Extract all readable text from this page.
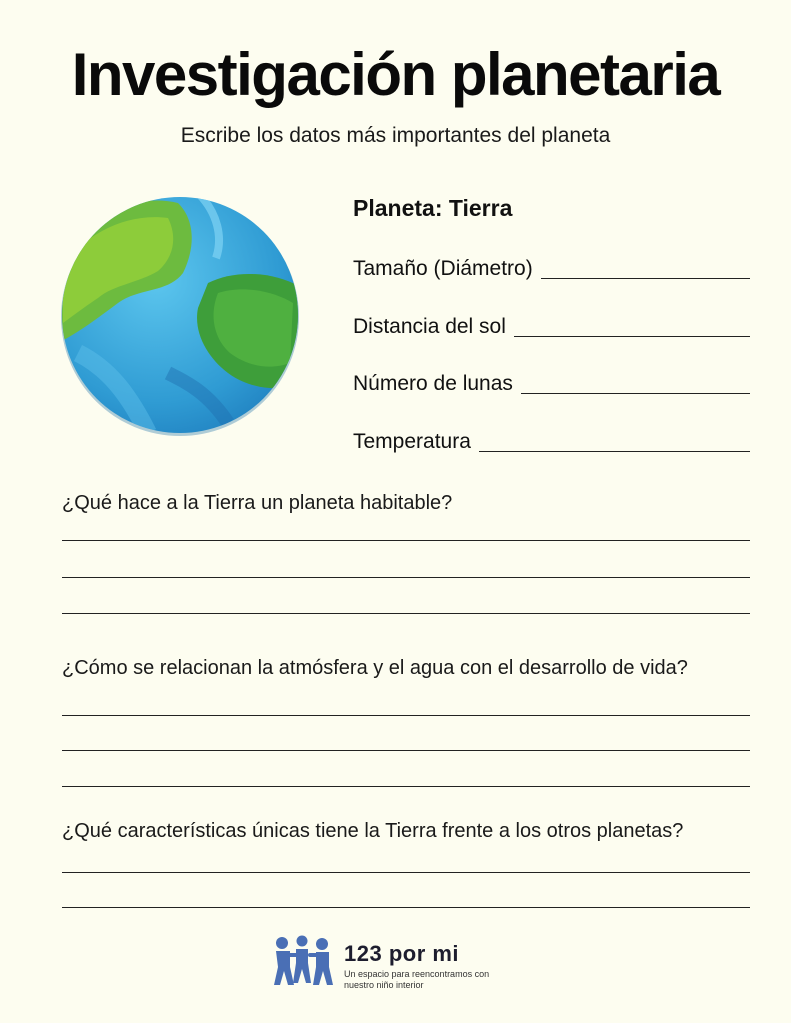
Investigación planetaria
Escribe los datos más importantes del planeta
Planeta: Tierra
Tamaño (Diámetro)
Distancia del sol
Número de lunas
Temperatura
¿Qué hace a la Tierra un planeta habitable?
¿Cómo se relacionan la atmósfera y el agua con el desarrollo de vida?
¿Qué características únicas tiene la Tierra frente a los otros planetas?
123 por mi
Un espacio para reencontramos con nuestro niño interior
